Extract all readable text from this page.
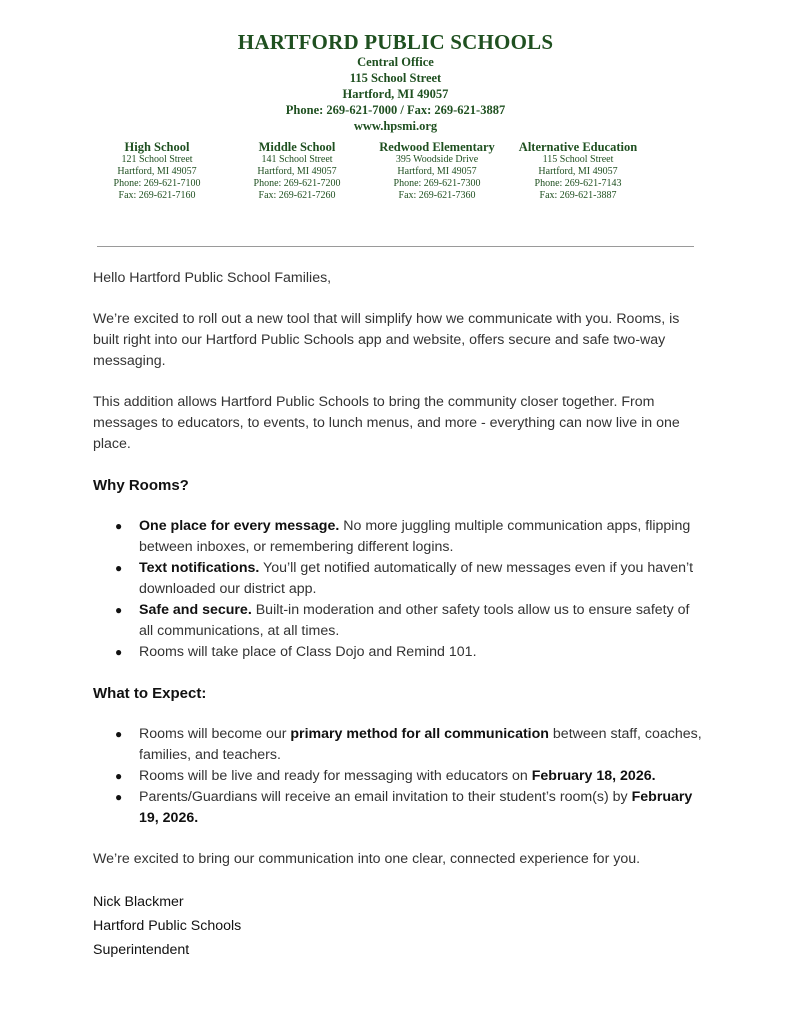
HARTFORD PUBLIC SCHOOLS
Central Office
115 School Street
Hartford, MI 49057
Phone: 269-621-7000 / Fax: 269-621-3887
www.hpsmi.org
High School
121 School Street
Hartford, MI 49057
Phone: 269-621-7100
Fax: 269-621-7160
Middle School
141 School Street
Hartford, MI 49057
Phone: 269-621-7200
Fax: 269-621-7260
Redwood Elementary
395 Woodside Drive
Hartford, MI 49057
Phone: 269-621-7300
Fax: 269-621-7360
Alternative Education
115 School Street
Hartford, MI 49057
Phone: 269-621-7143
Fax: 269-621-3887

Hello Hartford Public School Families,

We’re excited to roll out a new tool that will simplify how we communicate with you. Rooms, is built right into our Hartford Public Schools app and website, offers secure and safe two-way messaging.

This addition allows Hartford Public Schools to bring the community closer together. From messages to educators, to events, to lunch menus, and more - everything can now live in one place.

Why Rooms?

● One place for every message. No more juggling multiple communication apps, flipping between inboxes, or remembering different logins.
● Text notifications. You’ll get notified automatically of new messages even if you haven’t downloaded our district app.
● Safe and secure. Built-in moderation and other safety tools allow us to ensure safety of all communications, at all times.
● Rooms will take place of Class Dojo and Remind 101.

What to Expect:

● Rooms will become our primary method for all communication between staff, coaches, families, and teachers.
● Rooms will be live and ready for messaging with educators on February 18, 2026.
● Parents/Guardians will receive an email invitation to their student’s room(s) by February 19, 2026.

We’re excited to bring our communication into one clear, connected experience for you.

Nick Blackmer

Hartford Public Schools

Superintendent
